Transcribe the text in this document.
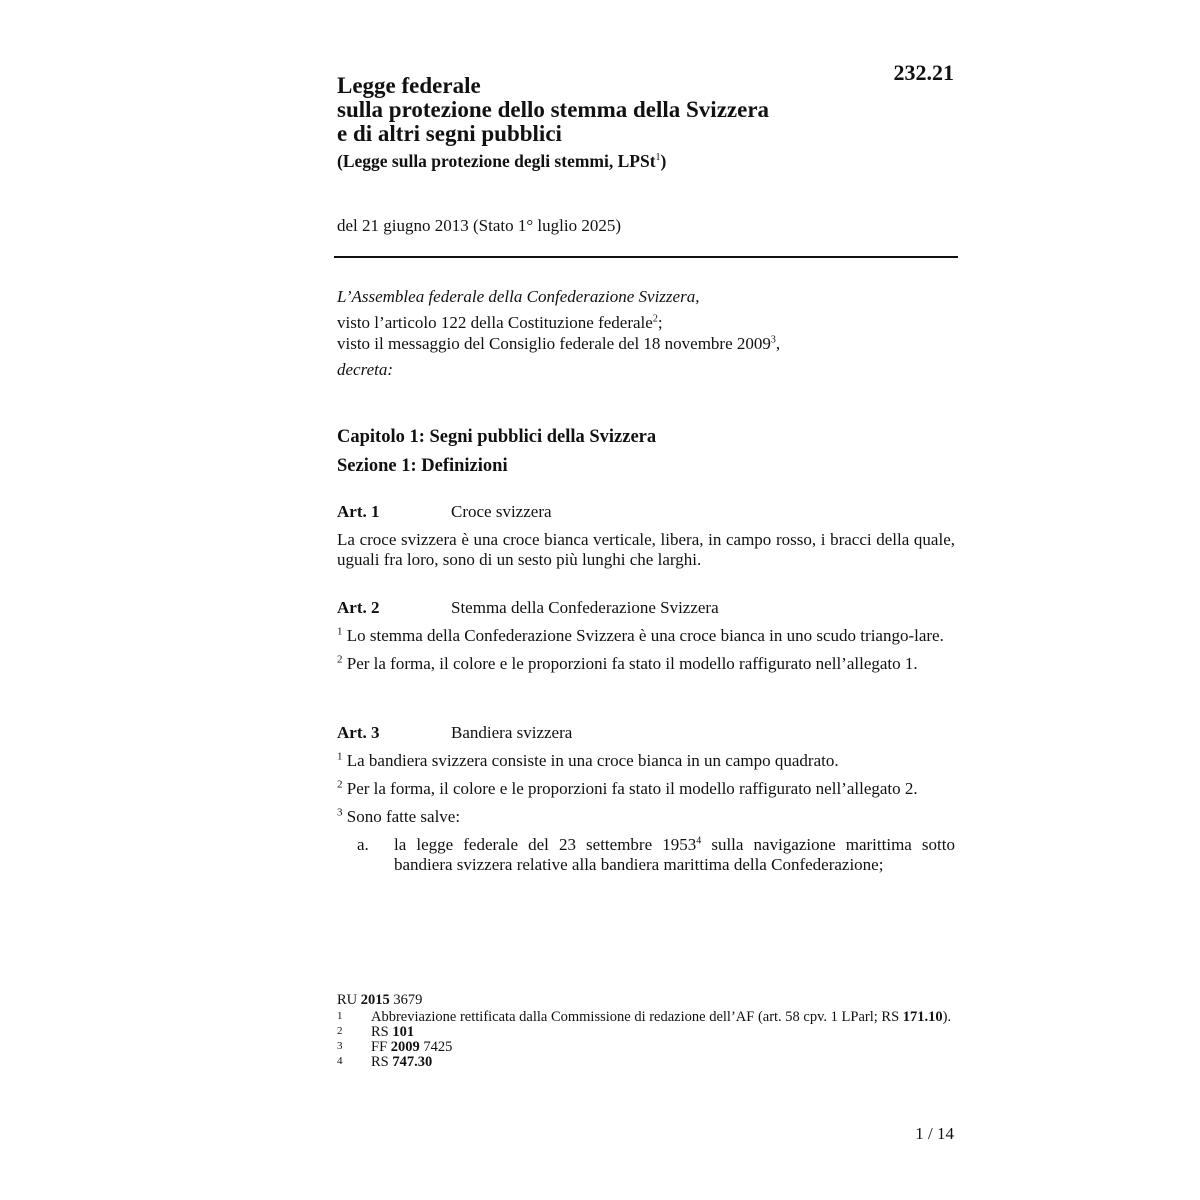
232.21
Legge federale
sulla protezione dello stemma della Svizzera
e di altri segni pubblici
(Legge sulla protezione degli stemmi, LPSt$^1$)
del 21 giugno 2013 (Stato 1° luglio 2025)
L’Assemblea federale della Confederazione Svizzera,
visto l’articolo 122 della Costituzione federale$^2$;
visto il messaggio del Consiglio federale del 18 novembre 2009$^3$,
decreta:
Capitolo 1: Segni pubblici della Svizzera
Sezione 1: Definizioni
Art. 1	Croce svizzera
La croce svizzera è una croce bianca verticale, libera, in campo rosso, i bracci della quale, uguali fra loro, sono di un sesto più lunghi che larghi.
Art. 2	Stemma della Confederazione Svizzera
$^1$ Lo stemma della Confederazione Svizzera è una croce bianca in uno scudo triango-lare.
$^2$ Per la forma, il colore e le proporzioni fa stato il modello raffigurato nell’allegato 1.
Art. 3	Bandiera svizzera
$^1$ La bandiera svizzera consiste in una croce bianca in un campo quadrato.
$^2$ Per la forma, il colore e le proporzioni fa stato il modello raffigurato nell’allegato 2.
$^3$ Sono fatte salve:
a.	la legge federale del 23 settembre 1953$^4$ sulla navigazione marittima sotto bandiera svizzera relative alla bandiera marittima della Confederazione;
RU 2015 3679
1	Abbreviazione rettificata dalla Commissione di redazione dell’AF (art. 58 cpv. 1 LParl; RS 171.10).
2	RS 101
3	FF 2009 7425
4	RS 747.30
1 / 14
